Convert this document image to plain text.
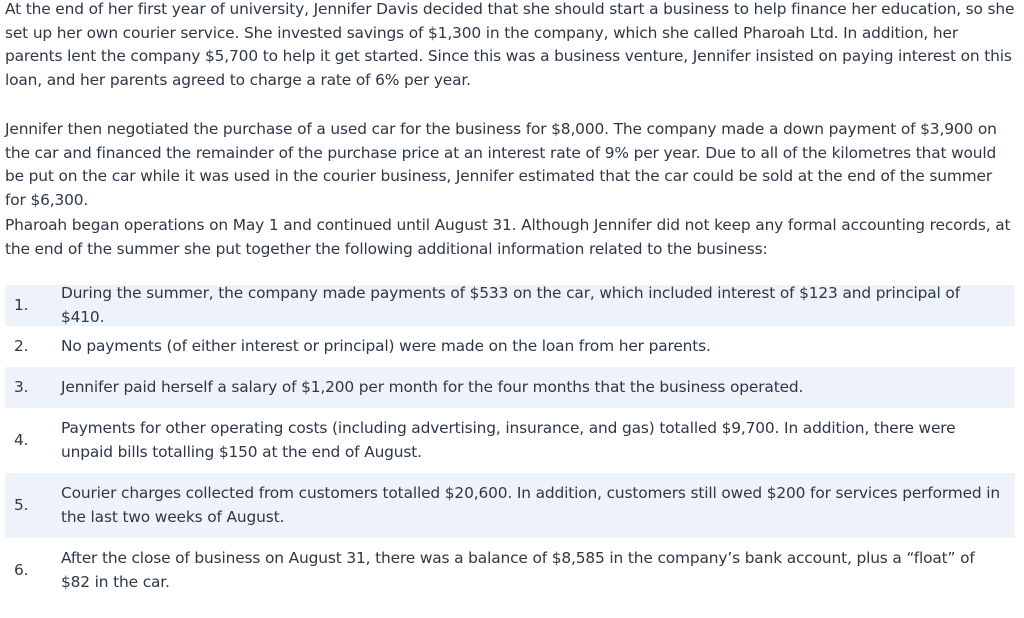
At the end of her first year of university, Jennifer Davis decided that she should start a business to help finance her education, so she set up her own courier service. She invested savings of $1,300 in the company, which she called Pharoah Ltd. In addition, her parents lent the company $5,700 to help it get started. Since this was a business venture, Jennifer insisted on paying interest on this loan, and her parents agreed to charge a rate of 6% per year.

Jennifer then negotiated the purchase of a used car for the business for $8,000. The company made a down payment of $3,900 on the car and financed the remainder of the purchase price at an interest rate of 9% per year. Due to all of the kilometres that would be put on the car while it was used in the courier business, Jennifer estimated that the car could be sold at the end of the summer for $6,300.

Pharoah began operations on May 1 and continued until August 31. Although Jennifer did not keep any formal accounting records, at the end of the summer she put together the following additional information related to the business:

1.
During the summer, the company made payments of $533 on the car, which included interest of $123 and principal of $410.
2.	No payments (of either interest or principal) were made on the loan from her parents.
3.	Jennifer paid herself a salary of $1,200 per month for the four months that the business operated.
4.
Payments for other operating costs (including advertising, insurance, and gas) totalled $9,700. In addition, there were unpaid bills totalling $150 at the end of August.
5.
Courier charges collected from customers totalled $20,600. In addition, customers still owed $200 for services performed in the last two weeks of August.
6.
After the close of business on August 31, there was a balance of $8,585 in the company’s bank account, plus a “float” of $82 in the car.
